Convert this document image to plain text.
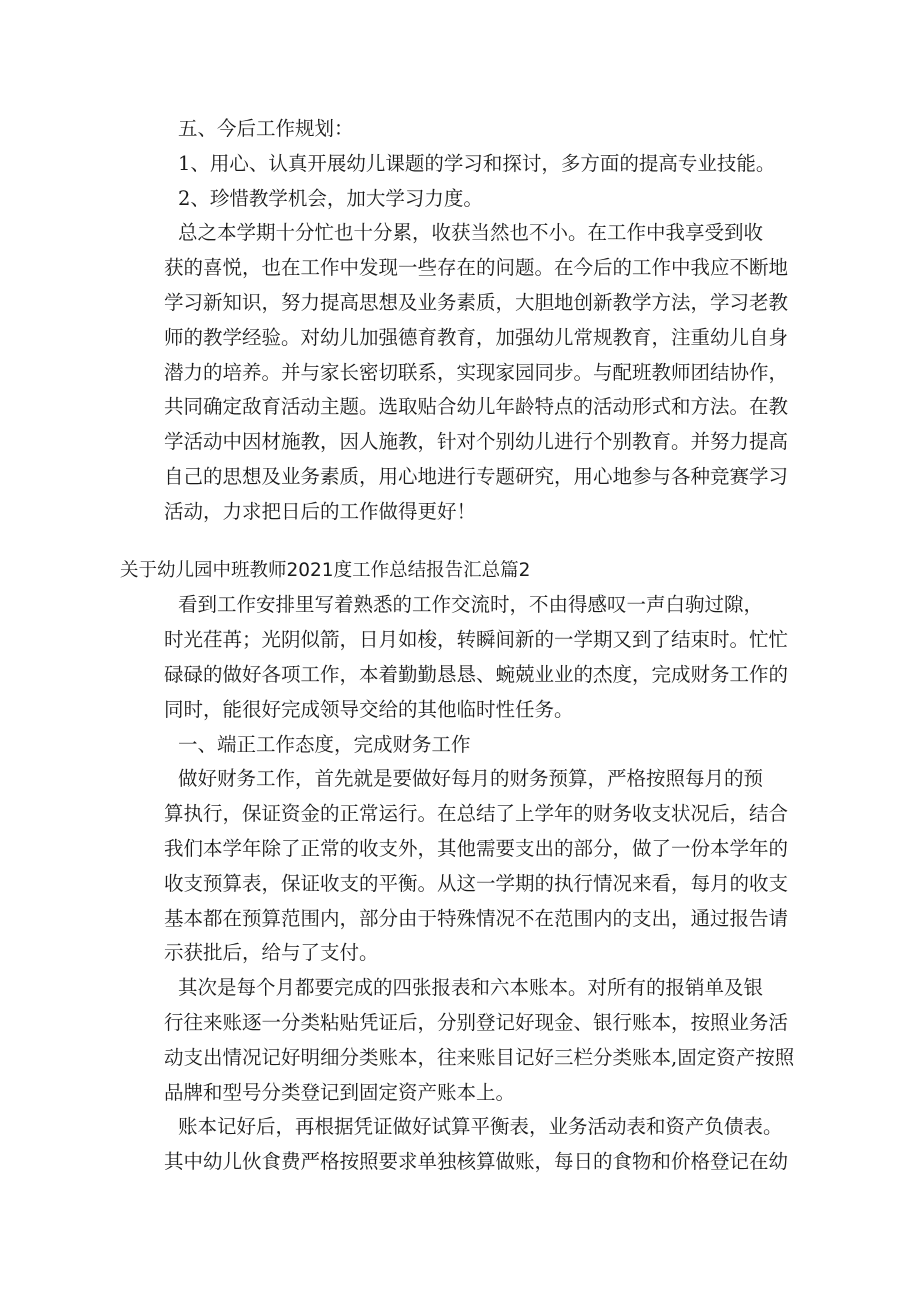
五、今后工作规划：

1、用心、认真开展幼儿课题的学习和探讨，多方面的提高专业技能。

2、珍惜教学机会，加大学习力度。

总之本学期十分忙也十分累，收获当然也不小。在工作中我享受到收

获的喜悦，也在工作中发现一些存在的问题。在今后的工作中我应不断地

学习新知识，努力提高思想及业务素质，大胆地创新教学方法，学习老教

师的教学经验。对幼儿加强德育教育，加强幼儿常规教育，注重幼儿自身

潜力的培养。并与家长密切联系，实现家园同步。与配班教师团结协作，

共同确定敌育活动主题。选取贴合幼儿年龄特点的活动形式和方法。在教

学活动中因材施教，因人施教，针对个别幼儿进行个别教育。并努力提高

自己的思想及业务素质，用心地进行专题研究，用心地参与各种竞赛学习

活动，力求把日后的工作做得更好！

关于幼儿园中班教师2021度工作总结报告汇总篇2

看到工作安排里写着熟悉的工作交流时，不由得感叹一声白驹过隙，

时光荏苒；光阴似箭，日月如梭，转瞬间新的一学期又到了结束时。忙忙

碌碌的做好各项工作，本着勤勤恳恳、蜿兢业业的杰度，完成财务工作的

同时，能很好完成领导交给的其他临时性任务。

一、端正工作态度，完成财务工作

做好财务工作，首先就是要做好每月的财务预算，严格按照每月的预

算执行，保证资金的正常运行。在总结了上学年的财务收支状况后，结合

我们本学年除了正常的收支外，其他需要支出的部分，做了一份本学年的

收支预算表，保证收支的平衡。从这一学期的执行情况来看，每月的收支

基本都在预算范围内，部分由于特殊情况不在范围内的支出，通过报告请

示获批后，给与了支付。

其次是每个月都要完成的四张报表和六本账本。对所有的报销单及银

行往来账逐一分类粘贴凭证后，分别登记好现金、银行账本，按照业务活

动支出情况记好明细分类账本，往来账目记好三栏分类账本,固定资产按照

品牌和型号分类登记到固定资产账本上。

账本记好后，再根据凭证做好试算平衡表，业务活动表和资产负债表。

其中幼儿伙食费严格按照要求单独核算做账，每日的食物和价格登记在幼
